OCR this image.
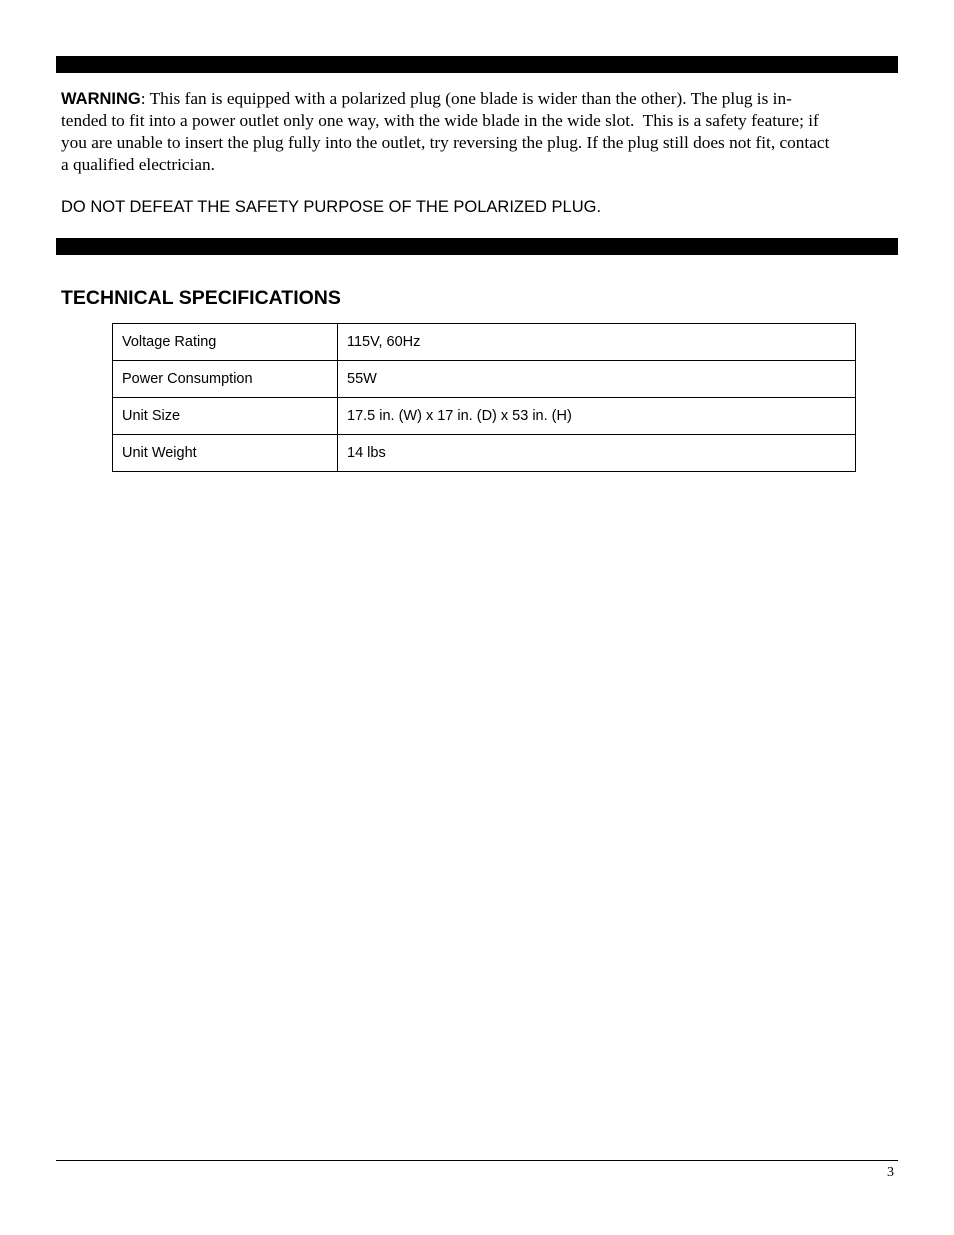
WARNING: This fan is equipped with a polarized plug (one blade is wider than the other). The plug is in-
tended to fit into a power outlet only one way, with the wide blade in the wide slot.  This is a safety feature; if
you are unable to insert the plug fully into the outlet, try reversing the plug. If the plug still does not fit, contact
a qualified electrician.
DO NOT DEFEAT THE SAFETY PURPOSE OF THE POLARIZED PLUG.
TECHNICAL SPECIFICATIONS
Voltage Rating	115V, 60Hz
Power Consumption	55W
Unit Size	17.5 in. (W) x 17 in. (D) x 53 in. (H)
Unit Weight	14 lbs
3
